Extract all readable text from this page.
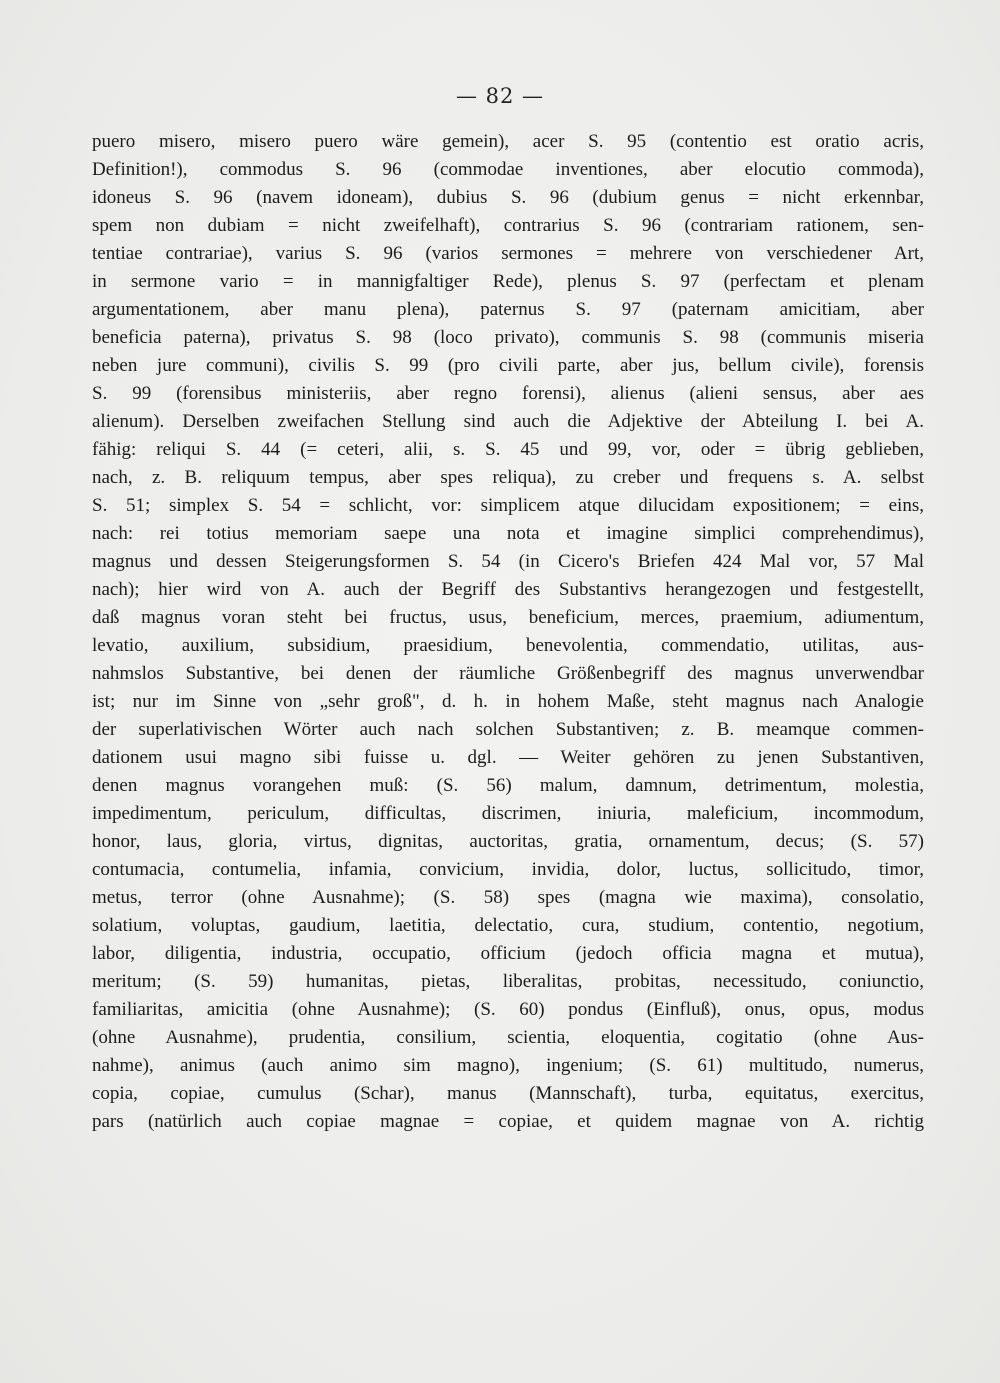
— 82 —
puero misero, misero puero wäre gemein), acer S. 95 (contentio est oratio acris,
Definition!), commodus S. 96 (commodae inventiones, aber elocutio commoda),
idoneus S. 96 (navem idoneam), dubius S. 96 (dubium genus = nicht erkennbar,
spem non dubiam = nicht zweifelhaft), contrarius S. 96 (contrariam rationem, sen-
tentiae contrariae), varius S. 96 (varios sermones = mehrere von verschiedener Art,
in sermone vario = in mannigfaltiger Rede), plenus S. 97 (perfectam et plenam
argumentationem, aber manu plena), paternus S. 97 (paternam amicitiam, aber
beneficia paterna), privatus S. 98 (loco privato), communis S. 98 (communis miseria
neben jure communi), civilis S. 99 (pro civili parte, aber jus, bellum civile), forensis
S. 99 (forensibus ministeriis, aber regno forensi), alienus (alieni sensus, aber aes
alienum). Derselben zweifachen Stellung sind auch die Adjektive der Abteilung I. bei A.
fähig: reliqui S. 44 (= ceteri, alii, s. S. 45 und 99, vor, oder = übrig geblieben,
nach, z. B. reliquum tempus, aber spes reliqua), zu creber und frequens s. A. selbst
S. 51; simplex S. 54 = schlicht, vor: simplicem atque dilucidam expositionem; = eins,
nach: rei totius memoriam saepe una nota et imagine simplici comprehendimus),
magnus und dessen Steigerungsformen S. 54 (in Cicero's Briefen 424 Mal vor, 57 Mal
nach); hier wird von A. auch der Begriff des Substantivs herangezogen und festgestellt,
daß magnus voran steht bei fructus, usus, beneficium, merces, praemium, adiumentum,
levatio, auxilium, subsidium, praesidium, benevolentia, commendatio, utilitas, aus-
nahmslos Substantive, bei denen der räumliche Größenbegriff des magnus unverwendbar
ist; nur im Sinne von „sehr groß", d. h. in hohem Maße, steht magnus nach Analogie
der superlativischen Wörter auch nach solchen Substantiven; z. B. meamque commen-
dationem usui magno sibi fuisse u. dgl. — Weiter gehören zu jenen Substantiven,
denen magnus vorangehen muß: (S. 56) malum, damnum, detrimentum, molestia,
impedimentum, periculum, difficultas, discrimen, iniuria, maleficium, incommodum,
honor, laus, gloria, virtus, dignitas, auctoritas, gratia, ornamentum, decus; (S. 57)
contumacia, contumelia, infamia, convicium, invidia, dolor, luctus, sollicitudo, timor,
metus, terror (ohne Ausnahme); (S. 58) spes (magna wie maxima), consolatio,
solatium, voluptas, gaudium, laetitia, delectatio, cura, studium, contentio, negotium,
labor, diligentia, industria, occupatio, officium (jedoch officia magna et mutua),
meritum; (S. 59) humanitas, pietas, liberalitas, probitas, necessitudo, coniunctio,
familiaritas, amicitia (ohne Ausnahme); (S. 60) pondus (Einfluß), onus, opus, modus
(ohne Ausnahme), prudentia, consilium, scientia, eloquentia, cogitatio (ohne Aus-
nahme), animus (auch animo sim magno), ingenium; (S. 61) multitudo, numerus,
copia, copiae, cumulus (Schar), manus (Mannschaft), turba, equitatus, exercitus,
pars (natürlich auch copiae magnae = copiae, et quidem magnae von A. richtig
